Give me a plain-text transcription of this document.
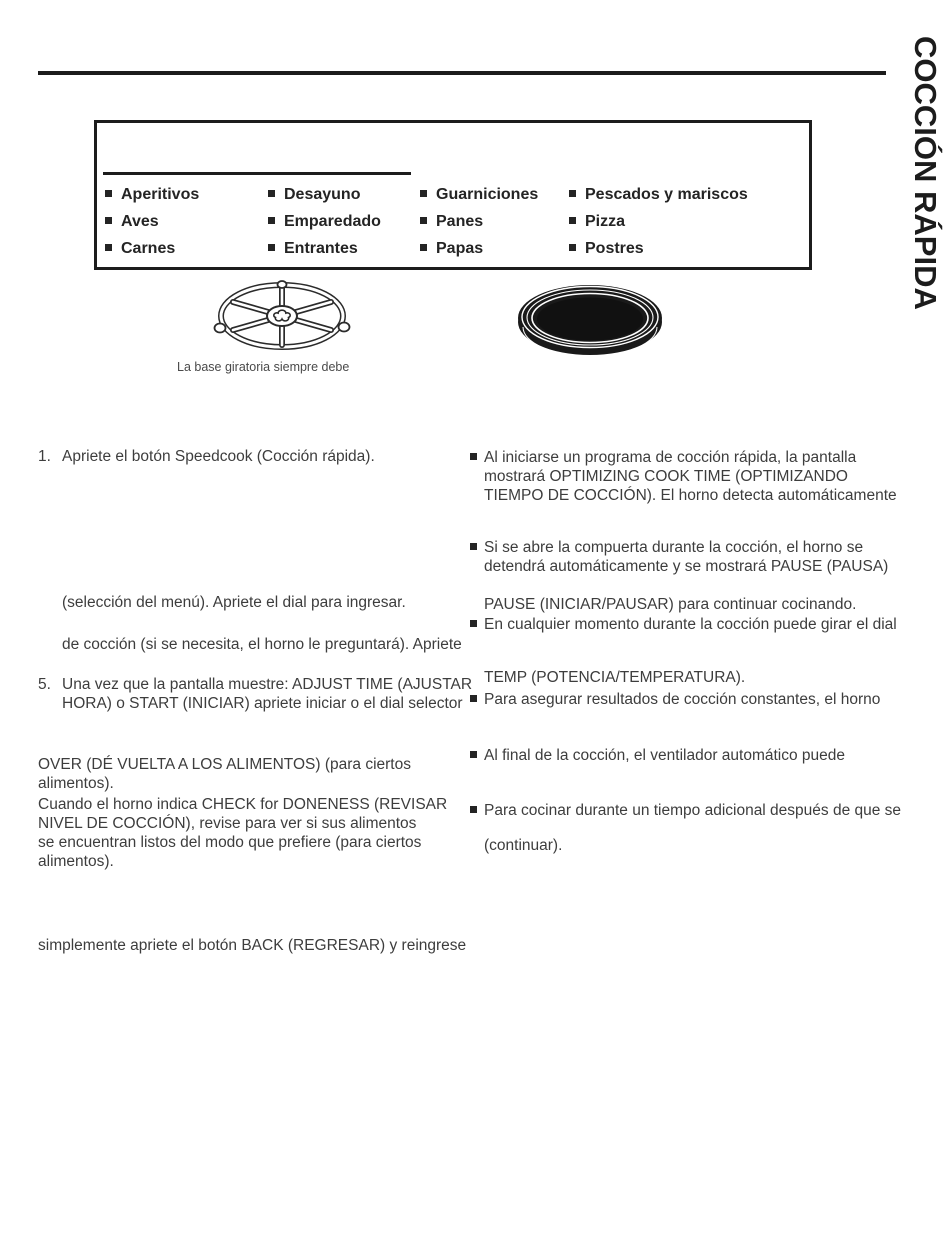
COCCIÓN RÁPIDA
Aperitivos
Aves
Carnes
Desayuno
Emparedado
Entrantes
Guarniciones
Panes
Papas
Pescados y mariscos
Pizza
Postres
La base giratoria siempre debe
1. Apriete el botón Speedcook (Cocción rápida).
(selección del menú). Apriete el dial para ingresar.
de cocción (si se necesita, el horno le preguntará). Apriete
5. Una vez que la pantalla muestre: ADJUST TIME (AJUSTAR
HORA) o START (INICIAR) apriete iniciar o el dial selector
OVER (DÉ VUELTA A LOS ALIMENTOS) (para ciertos
alimentos).
Cuando el horno indica CHECK for DONENESS (REVISAR
NIVEL DE COCCIÓN), revise para ver si sus alimentos
se encuentran listos del modo que prefiere (para ciertos
alimentos).
simplemente apriete el botón BACK (REGRESAR) y reingrese
Al iniciarse un programa de cocción rápida, la pantalla
mostrará OPTIMIZING COOK TIME (OPTIMIZANDO
TIEMPO DE COCCIÓN). El horno detecta automáticamente
Si se abre la compuerta durante la cocción, el horno se
detendrá automáticamente y se mostrará PAUSE (PAUSA)
PAUSE (INICIAR/PAUSAR) para continuar cocinando.
En cualquier momento durante la cocción puede girar el dial
TEMP (POTENCIA/TEMPERATURA).
Para asegurar resultados de cocción constantes, el horno
Al final de la cocción, el ventilador automático puede
Para cocinar durante un tiempo adicional después de que se
(continuar).
